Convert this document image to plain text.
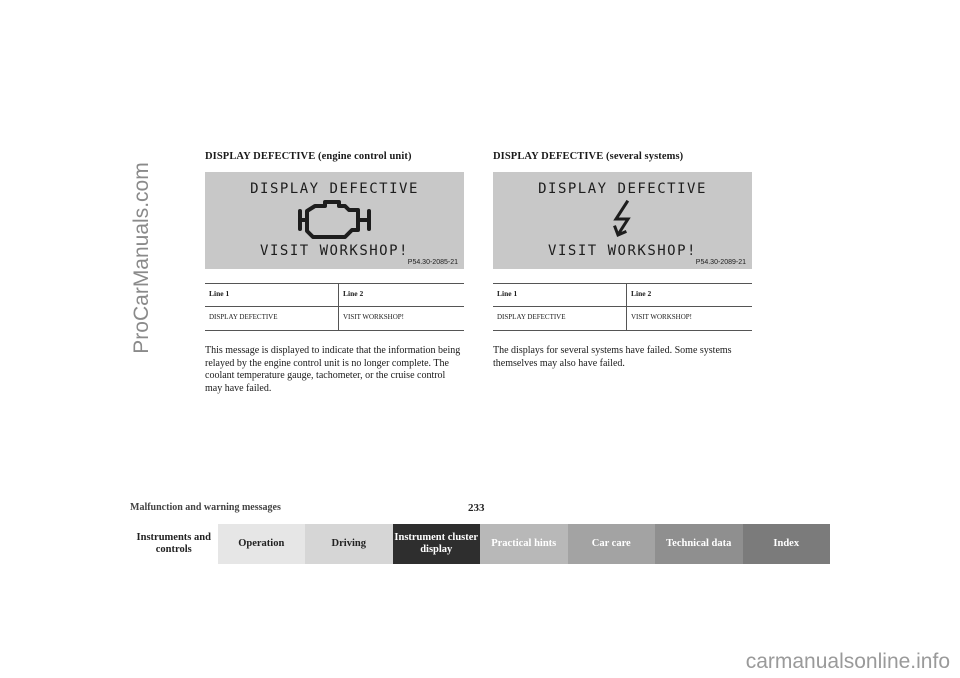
ProCarManuals.com
DISPLAY DEFECTIVE (engine control unit)
DISPLAY DEFECTIVE
VISIT WORKSHOP!
P54.30-2085-21
Line 1	Line 2
DISPLAY DEFECTIVE	VISIT WORKSHOP!
This message is displayed to indicate that the information being relayed by the engine control unit is no longer complete. The coolant temperature gauge, tachometer, or the cruise control may have failed.
DISPLAY DEFECTIVE (several systems)
DISPLAY DEFECTIVE
VISIT WORKSHOP!
P54.30-2089-21
Line 1	Line 2
DISPLAY DEFECTIVE	VISIT WORKSHOP!
The displays for several systems have failed. Some systems themselves may also have failed.
Malfunction and warning messages	233
Instruments and controls
Operation	Driving
Instrument cluster display
Practical hints	Car care	Technical data	Index
carmanualsonline.info
